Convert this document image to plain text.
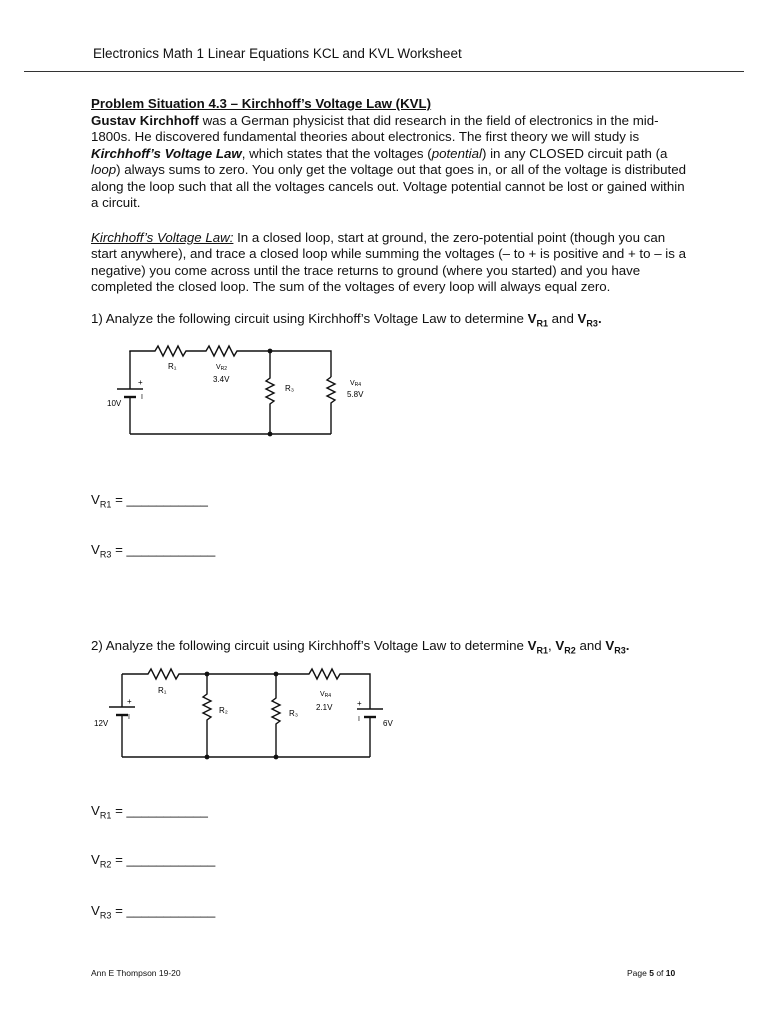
Electronics Math 1 Linear Equations KCL and KVL Worksheet
Problem Situation 4.3 – Kirchhoff’s Voltage Law (KVL)
Gustav Kirchhoff was a German physicist that did research in the field of electronics in the mid-1800s. He discovered fundamental theories about electronics. The first theory we will study is Kirchhoff’s Voltage Law, which states that the voltages (potential) in any CLOSED circuit path (a loop) always sums to zero. You only get the voltage out that goes in, or all of the voltage is distributed along the loop such that all the voltages cancels out. Voltage potential cannot be lost or gained within a circuit.
Kirchhoff’s Voltage Law: In a closed loop, start at ground, the zero-potential point (though you can start anywhere), and trace a closed loop while summing the voltages (– to + is positive and + to – is a negative) you come across until the trace returns to ground (where you started) and you have completed the closed loop. The sum of the voltages of every loop will always equal zero.
1) Analyze the following circuit using Kirchhoff’s Voltage Law to determine $V_{R1}$ and $V_{R3}$.
+
I
10V
R₁	VR2
3.4V
R₃
VR4
5.8V
$V_{R1}$ = ___________
$V_{R3}$ = ____________
2) Analyze the following circuit using Kirchhoff’s Voltage Law to determine $V_{R1}$, $V_{R2}$ and $V_{R3}$.
+
I
12V
+
I	6V
R₁
R₂	R₃
VR4
2.1V
$V_{R1}$ = ___________
$V_{R2}$ = ____________
$V_{R3}$ = ____________
Ann E Thompson 19-20	Page 5 of 10
